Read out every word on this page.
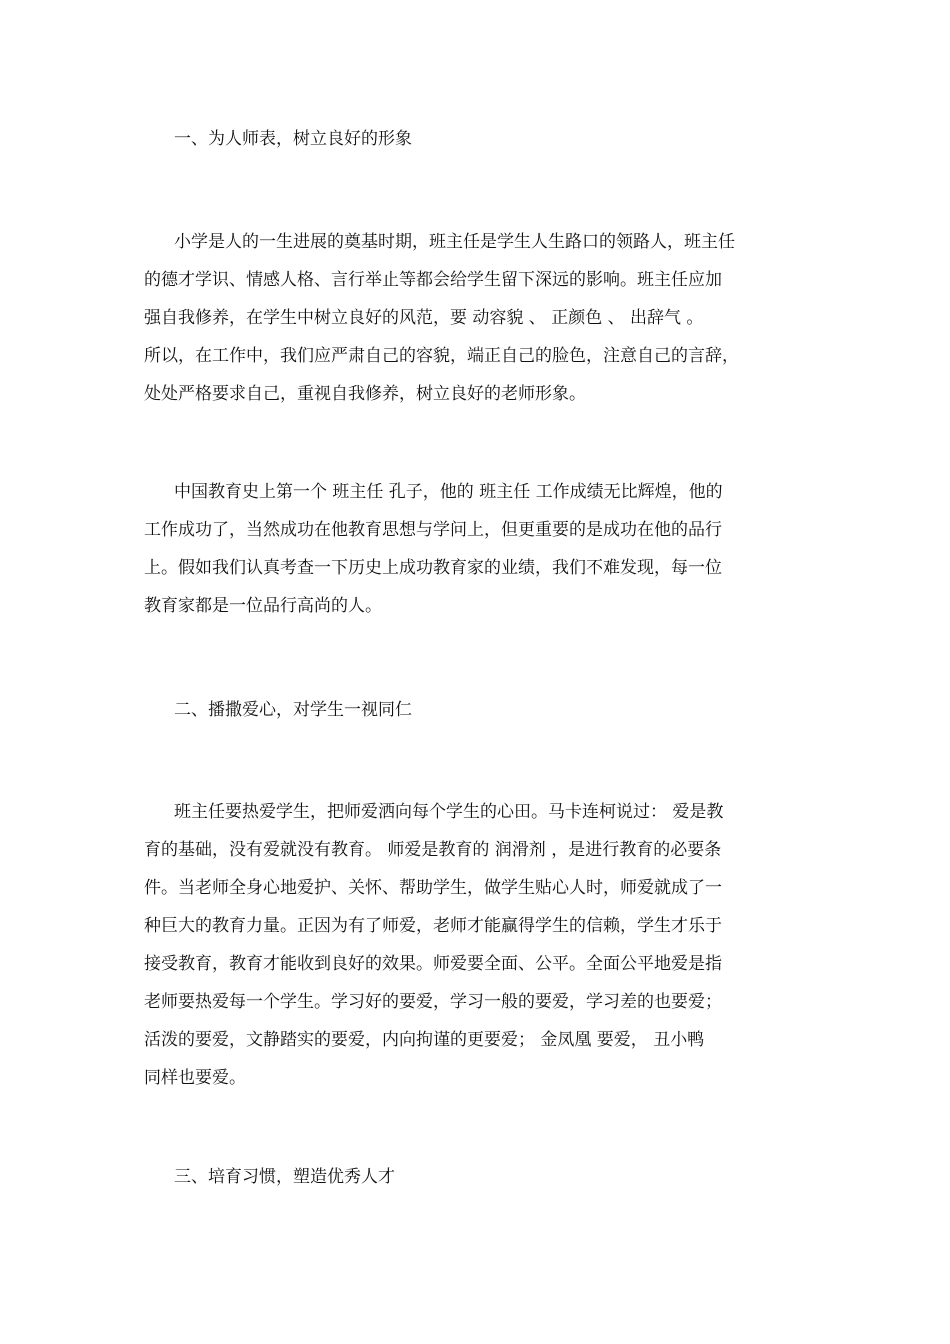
一、为人师表，树立良好的形象
小学是人的一生进展的奠基时期，班主任是学生人生路口的领路人，班主任
的德才学识、情感人格、言行举止等都会给学生留下深远的影响。班主任应加
强自我修养，在学生中树立良好的风范，要 动容貌 、 正颜色 、 出辞气 。
所以，在工作中，我们应严肃自己的容貌，端正自己的脸色，注意自己的言辞，
处处严格要求自己，重视自我修养，树立良好的老师形象。
中国教育史上第一个 班主任 孔子，他的 班主任 工作成绩无比辉煌，他的
工作成功了，当然成功在他教育思想与学问上，但更重要的是成功在他的品行
上。假如我们认真考查一下历史上成功教育家的业绩，我们不难发现，每一位
教育家都是一位品行高尚的人。
二、播撒爱心，对学生一视同仁
班主任要热爱学生，把师爱洒向每个学生的心田。马卡连柯说过： 爱是教
育的基础，没有爱就没有教育。 师爱是教育的 润滑剂 ，是进行教育的必要条
件。当老师全身心地爱护、关怀、帮助学生，做学生贴心人时，师爱就成了一
种巨大的教育力量。正因为有了师爱，老师才能赢得学生的信赖，学生才乐于
接受教育，教育才能收到良好的效果。师爱要全面、公平。全面公平地爱是指
老师要热爱每一个学生。学习好的要爱，学习一般的要爱，学习差的也要爱；
活泼的要爱，文静踏实的要爱，内向拘谨的更要爱； 金凤凰 要爱， 丑小鸭
同样也要爱。
三、培育习惯，塑造优秀人才
